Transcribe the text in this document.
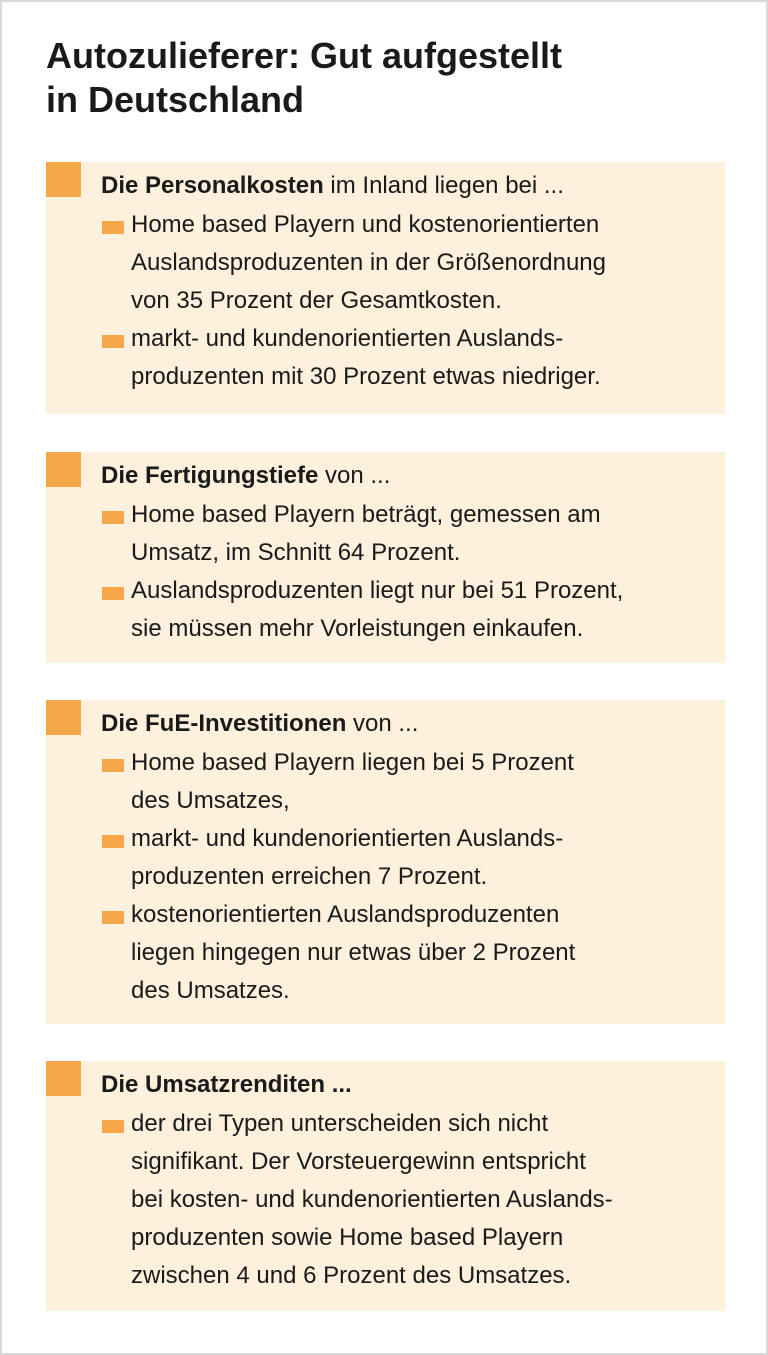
Autozulieferer: Gut aufgestellt
in Deutschland
Die Personalkosten im Inland liegen bei ...
Home based Playern und kostenorientierten
Auslandsproduzenten in der Größenordnung
von 35 Prozent der Gesamtkosten.
markt- und kundenorientierten Auslands-
produzenten mit 30 Prozent etwas niedriger.
Die Fertigungstiefe von ...
Home based Playern beträgt, gemessen am
Umsatz, im Schnitt 64 Prozent.
Auslandsproduzenten liegt nur bei 51 Prozent,
sie müssen mehr Vorleistungen einkaufen.
Die FuE-Investitionen von ...
Home based Playern liegen bei 5 Prozent
des Umsatzes,
markt- und kundenorientierten Auslands-
produzenten erreichen 7 Prozent.
kostenorientierten Auslandsproduzenten
liegen hingegen nur etwas über 2 Prozent
des Umsatzes.
Die Umsatzrenditen ...
der drei Typen unterscheiden sich nicht
signifikant. Der Vorsteuergewinn entspricht
bei kosten- und kundenorientierten Auslands-
produzenten sowie Home based Playern
zwischen 4 und 6 Prozent des Umsatzes.
